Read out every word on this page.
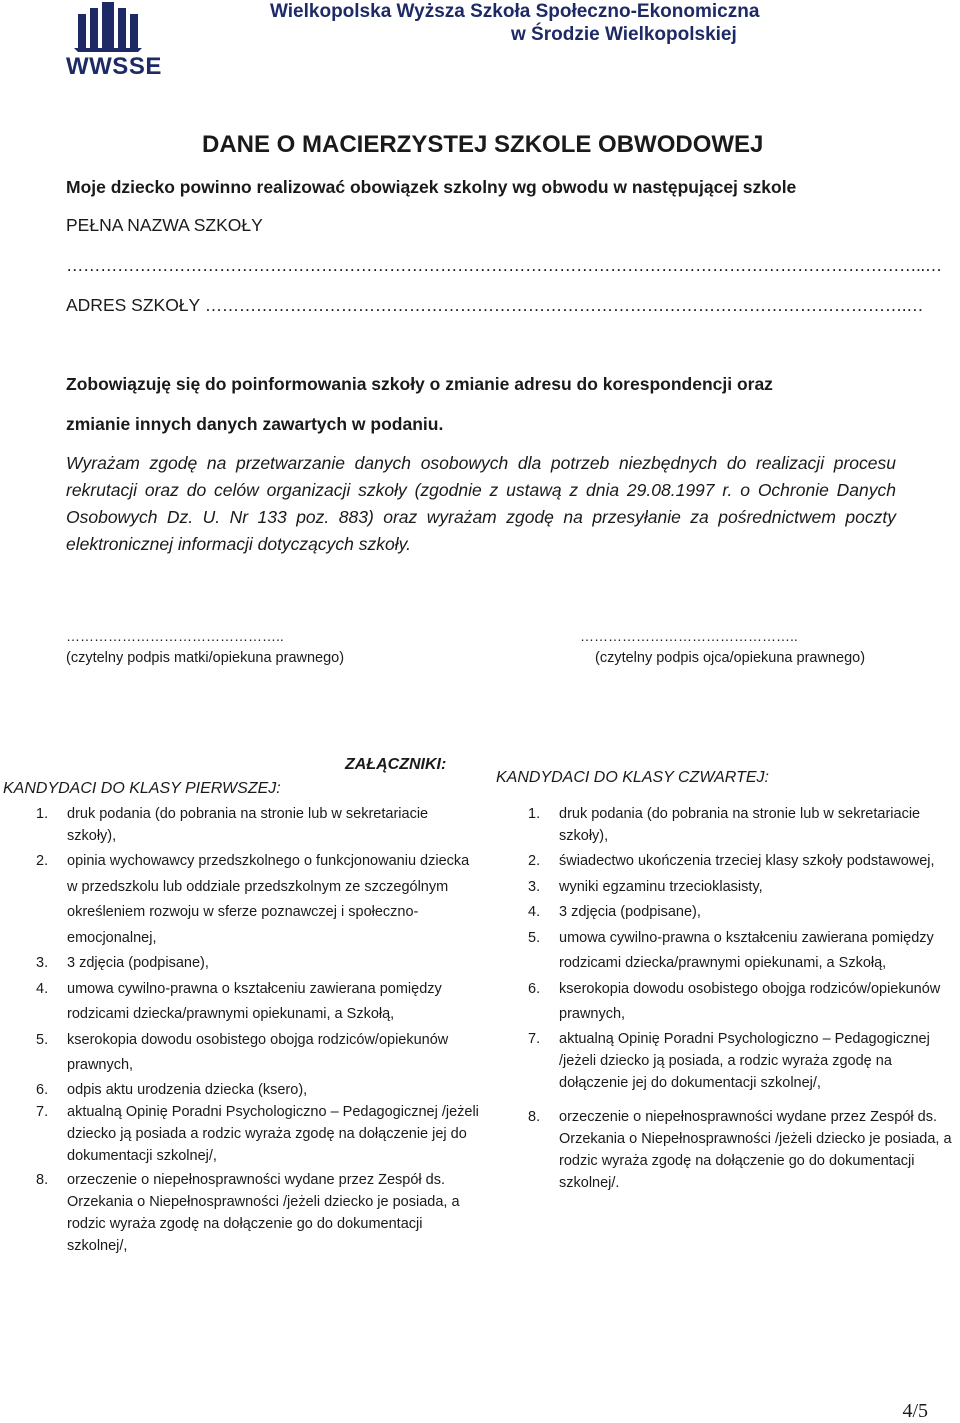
WWSSE
Wielkopolska Wyższa Szkoła Społeczno-Ekonomiczna
w Środzie Wielkopolskiej
DANE O MACIERZYSTEJ SZKOLE OBWODOWEJ
Moje dziecko powinno realizować obowiązek szkolny wg obwodu w następującej szkole
PEŁNA NAZWA SZKOŁY
……………………………………………………………………………………………………………………………………..…
ADRES SZKOŁY …………………………………………………………………………………………………………….…
Zobowiązuję się do poinformowania szkoły o zmianie adresu do korespondencji oraz
zmianie innych danych zawartych w podaniu.
Wyrażam zgodę na przetwarzanie danych osobowych dla potrzeb niezbędnych do realizacji procesu rekrutacji oraz do celów organizacji szkoły (zgodnie z ustawą z dnia 29.08.1997 r. o Ochronie Danych Osobowych Dz. U. Nr 133 poz. 883) oraz wyrażam zgodę na przesyłanie za pośrednictwem poczty elektronicznej informacji dotyczących szkoły.
………………………………………..
(czytelny podpis matki/opiekuna prawnego)
………………………………………..
(czytelny podpis ojca/opiekuna prawnego)
ZAŁĄCZNIKI:
KANDYDACI DO KLASY PIERWSZEJ:
KANDYDACI DO KLASY CZWARTEJ:
1. druk podania (do pobrania na stronie lub w sekretariacie szkoły),
2. opinia wychowawcy przedszkolnego o funkcjonowaniu dziecka w przedszkolu lub oddziale przedszkolnym ze szczególnym określeniem rozwoju w sferze poznawczej i społeczno-emocjonalnej,
3. 3 zdjęcia (podpisane),
4. umowa cywilno-prawna o kształceniu zawierana pomiędzy rodzicami dziecka/prawnymi opiekunami, a Szkołą,
5. kserokopia dowodu osobistego obojga rodziców/opiekunów prawnych,
6. odpis aktu urodzenia dziecka (ksero),
7. aktualną Opinię Poradni Psychologiczno – Pedagogicznej /jeżeli dziecko ją posiada a rodzic wyraża zgodę na dołączenie jej do dokumentacji szkolnej/,
8. orzeczenie o niepełnosprawności wydane przez Zespół ds. Orzekania o Niepełnosprawności /jeżeli dziecko je posiada, a rodzic wyraża zgodę na dołączenie go do dokumentacji szkolnej/,
1. druk podania (do pobrania na stronie lub w sekretariacie szkoły),
2. świadectwo ukończenia trzeciej klasy szkoły podstawowej,
3. wyniki egzaminu trzecioklasisty,
4. 3 zdjęcia (podpisane),
5. umowa cywilno-prawna o kształceniu zawierana pomiędzy rodzicami dziecka/prawnymi opiekunami, a Szkołą,
6. kserokopia dowodu osobistego obojga rodziców/opiekunów prawnych,
7. aktualną Opinię Poradni Psychologiczno – Pedagogicznej /jeżeli dziecko ją posiada, a rodzic wyraża zgodę na dołączenie jej do dokumentacji szkolnej/,
8. orzeczenie o niepełnosprawności wydane przez Zespół ds. Orzekania o Niepełnosprawności /jeżeli dziecko je posiada, a rodzic wyraża zgodę na dołączenie go do dokumentacji szkolnej/.
4/5
